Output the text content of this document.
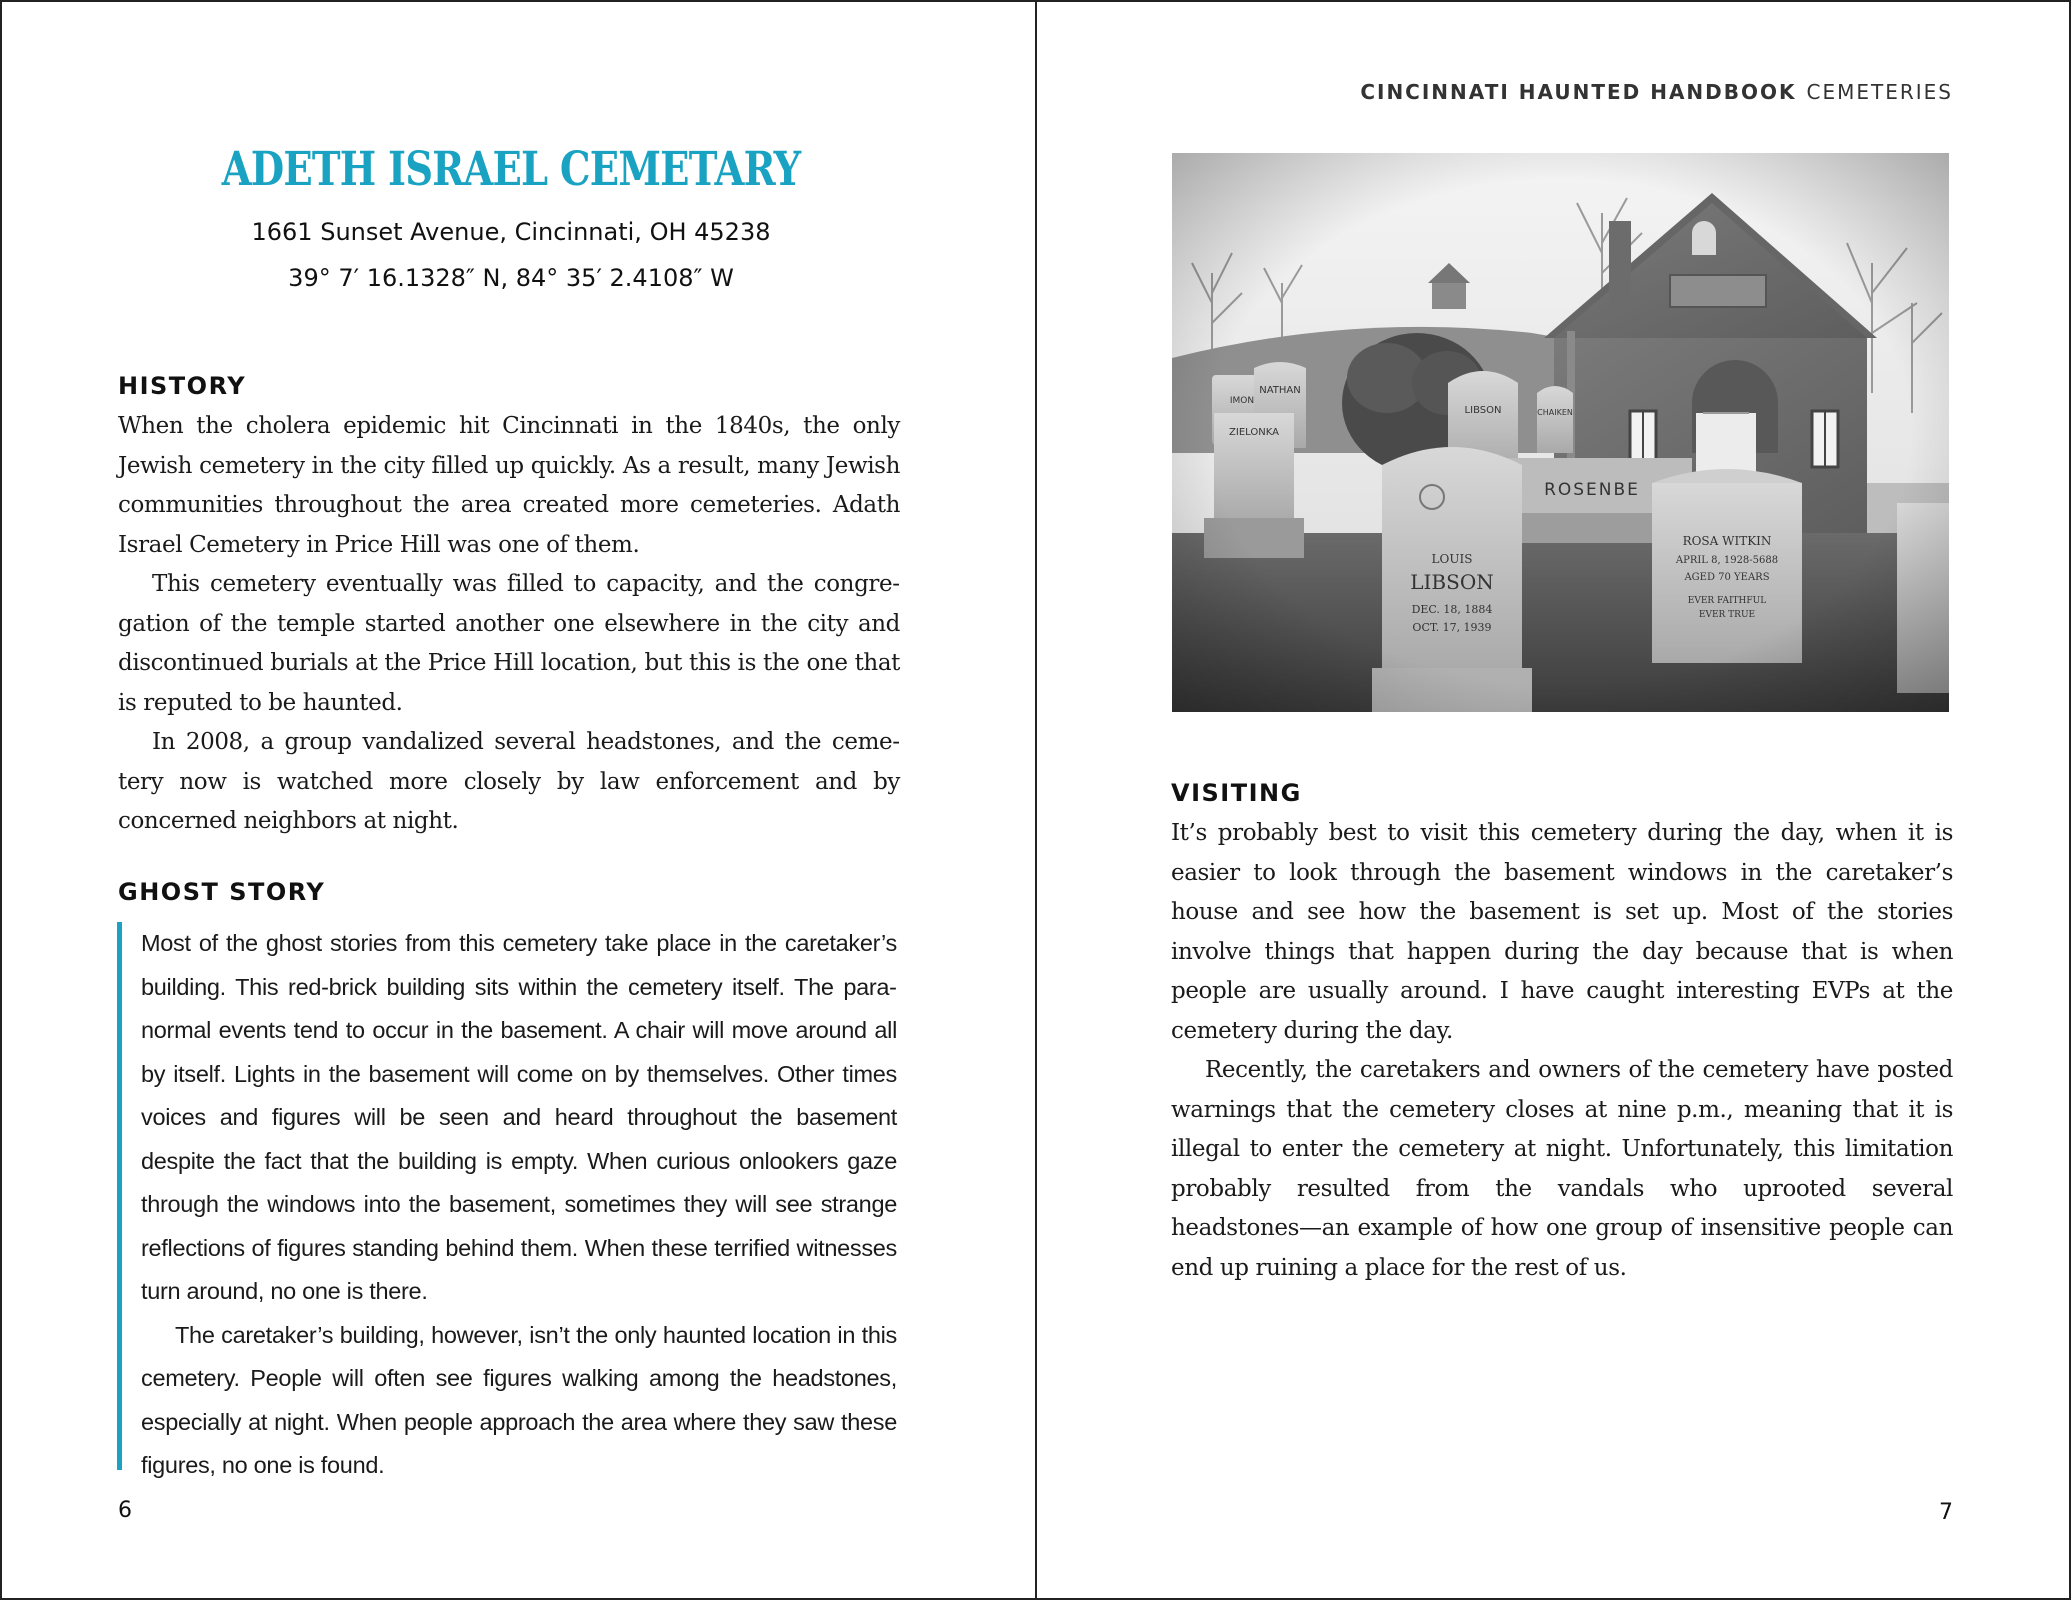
ADETH ISRAEL CEMETARY
1661 Sunset Avenue, Cincinnati, OH 45238
39° 7′ 16.1328″ N, 84° 35′ 2.4108″ W
HISTORY

When the cholera epidemic hit Cincinnati in the 1840s, the only Jewish cemetery in the city filled up quickly. As a result, many Jewish communities throughout the area created more cemeteries. Adath Israel Cemetery in Price Hill was one of them.

This cemetery eventually was filled to capacity, and the congregation of the temple started another one elsewhere in the city and discontinued burials at the Price Hill location, but this is the one that is reputed to be haunted.

In 2008, a group vandalized several headstones, and the cemetery now is watched more closely by law enforcement and by concerned neighbors at night.

GHOST STORY

Most of the ghost stories from this cemetery take place in the caretaker’s building. This red-brick building sits within the cemetery itself. The paranormal events tend to occur in the basement. A chair will move around all by itself. Lights in the basement will come on by themselves. Other times voices and figures will be seen and heard throughout the basement despite the fact that the building is empty. When curious onlookers gaze through the windows into the basement, sometimes they will see strange reflections of figures standing behind them. When these terrified witnesses turn around, no one is there.

The caretaker’s building, however, isn’t the only haunted location in this cemetery. People will often see figures walking among the headstones, especially at night. When people approach the area where they saw these figures, no one is found.

6
CINCINNATI HAUNTED HANDBOOK CEMETERIES
VISITING

It’s probably best to visit this cemetery during the day, when it is easier to look through the basement windows in the caretaker’s house and see how the basement is set up. Most of the stories involve things that happen during the day because that is when people are usually around. I have caught interesting EVPs at the cemetery during the day.

Recently, the caretakers and owners of the cemetery have posted warnings that the cemetery closes at nine p.m., meaning that it is illegal to enter the cemetery at night. Unfortunately, this limitation probably resulted from the vandals who uprooted several headstones—an example of how one group of insensitive people can end up ruining a place for the rest of us.

7
